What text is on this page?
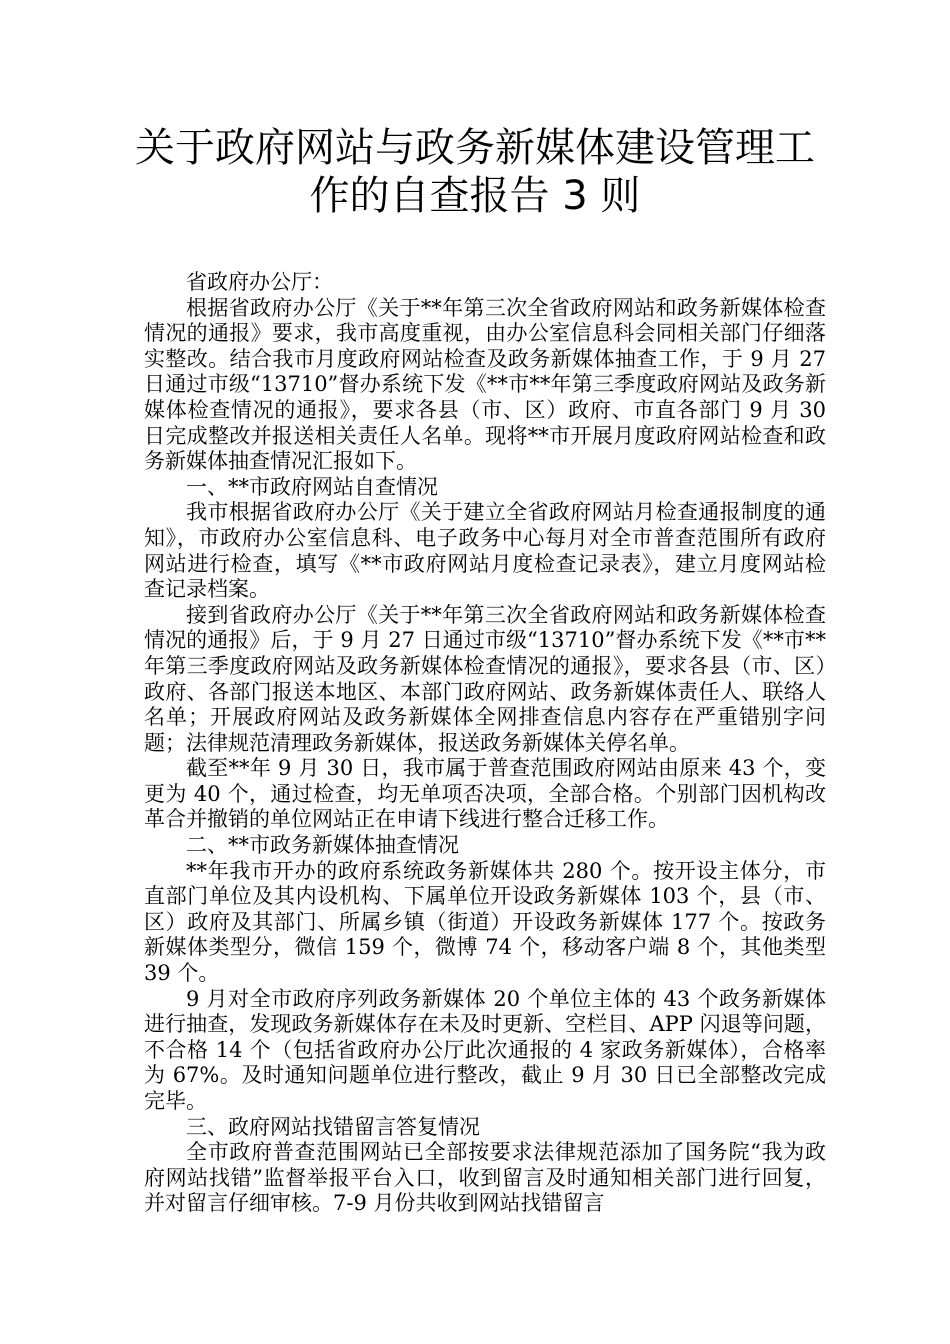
关于政府网站与政务新媒体建设管理工
作的自查报告 3 则

省政府办公厅：

根据省政府办公厅《关于**年第三次全省政府网站和政务新媒体检查情况的通报》要求，我市高度重视，由办公室信息科会同相关部门仔细落实整改。结合我市月度政府网站检查及政务新媒体抽查工作，于 9 月 27 日通过市级“13710”督办系统下发《**市**年第三季度政府网站及政务新媒体检查情况的通报》，要求各县（市、区）政府、市直各部门 9 月 30 日完成整改并报送相关责任人名单。现将**市开展月度政府网站检查和政务新媒体抽查情况汇报如下。

一、**市政府网站自查情况

我市根据省政府办公厅《关于建立全省政府网站月检查通报制度的通知》，市政府办公室信息科、电子政务中心每月对全市普查范围所有政府网站进行检查，填写《**市政府网站月度检查记录表》，建立月度网站检查记录档案。

接到省政府办公厅《关于**年第三次全省政府网站和政务新媒体检查情况的通报》后，于 9 月 27 日通过市级“13710”督办系统下发《**市**年第三季度政府网站及政务新媒体检查情况的通报》，要求各县（市、区）政府、各部门报送本地区、本部门政府网站、政务新媒体责任人、联络人名单；开展政府网站及政务新媒体全网排查信息内容存在严重错别字问题；法律规范清理政务新媒体，报送政务新媒体关停名单。

截至**年 9 月 30 日，我市属于普查范围政府网站由原来 43 个，变更为 40 个，通过检查，均无单项否决项，全部合格。个别部门因机构改革合并撤销的单位网站正在申请下线进行整合迁移工作。

二、**市政务新媒体抽查情况

**年我市开办的政府系统政务新媒体共 280 个。按开设主体分，市直部门单位及其内设机构、下属单位开设政务新媒体 103 个，县（市、区）政府及其部门、所属乡镇（街道）开设政务新媒体 177 个。按政务新媒体类型分，微信 159 个，微博 74 个，移动客户端 8 个，其他类型 39 个。

9 月对全市政府序列政务新媒体 20 个单位主体的 43 个政务新媒体进行抽查，发现政务新媒体存在未及时更新、空栏目、APP 闪退等问题，不合格 14 个（包括省政府办公厅此次通报的 4 家政务新媒体），合格率为 67%。及时通知问题单位进行整改，截止 9 月 30 日已全部整改完成完毕。

三、政府网站找错留言答复情况

全市政府普查范围网站已全部按要求法律规范添加了国务院“我为政府网站找错”监督举报平台入口，收到留言及时通知相关部门进行回复，并对留言仔细审核。7-9 月份共收到网站找错留言
